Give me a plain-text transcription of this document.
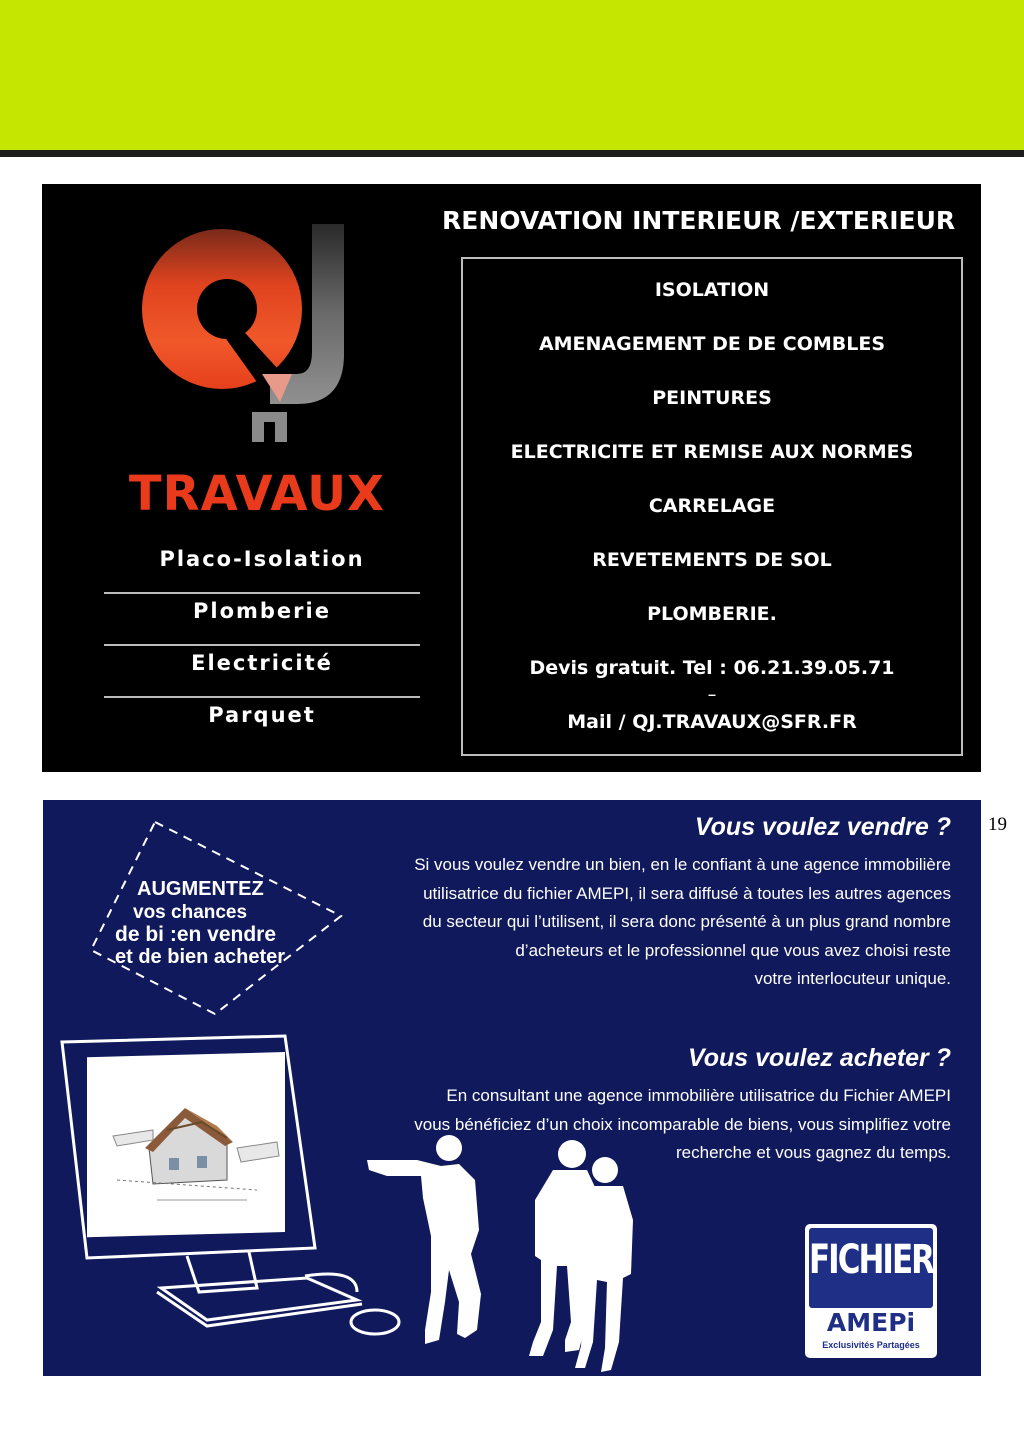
TRAVAUX
Placo-Isolation
Plomberie
Electricité
Parquet
RENOVATION INTERIEUR /EXTERIEUR
ISOLATION
AMENAGEMENT DE DE COMBLES
PEINTURES
ELECTRICITE ET REMISE AUX NORMES
CARRELAGE
REVETEMENTS DE SOL
PLOMBERIE.
Devis gratuit. Tel : 06.21.39.05.71
–
Mail / QJ.TRAVAUX@SFR.FR
AUGMENTEZ
vos chances
de bi :en vendre
et de bien acheter
Vous voulez vendre ?
Si vous voulez vendre un bien, en le confiant à une agence immobilière
utilisatrice du fichier AMEPI, il sera diffusé à toutes les autres agences
du secteur qui l’utilisent, il sera donc présenté à un plus grand nombre
d’acheteurs et le professionnel que vous avez choisi reste
votre interlocuteur unique.
Vous voulez acheter ?
En consultant une agence immobilière utilisatrice du Fichier AMEPI
vous bénéficiez d’un choix incomparable de biens, vous simplifiez votre
recherche et vous gagnez du temps.
FICHIER
AMEPi
Exclusivités Partagées
19
